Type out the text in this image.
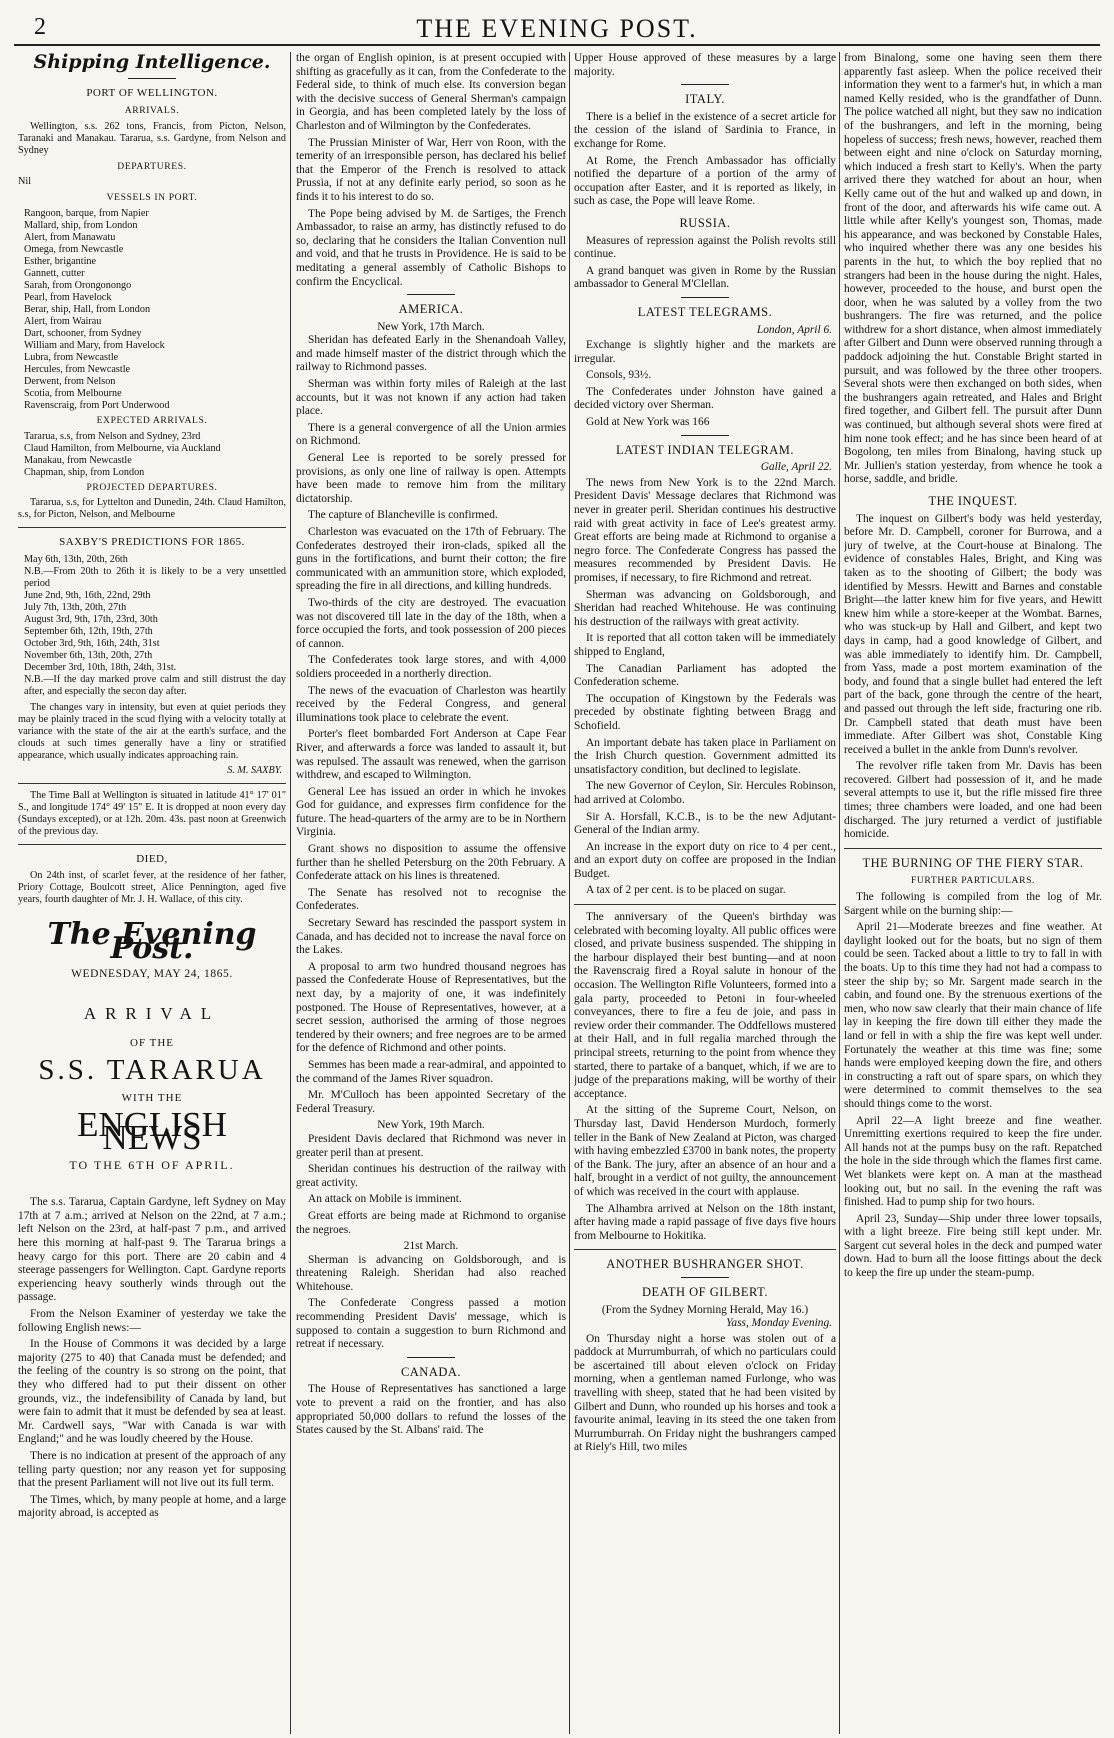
2	THE EVENING POST.
Shipping Intelligence.
PORT OF WELLINGTON.
ARRIVALS.

Wellington, s.s. 262 tons, Francis, from Picton, Nelson, Taranaki and Manakau. Tararua, s.s. Gardyne, from Nelson and Sydney

DEPARTURES.

Nil

VESSELS IN PORT.
Rangoon, barque, from Napier
Mallard, ship, from London
Alert, from Manawatu
Omega, from Newcastle
Esther, brigantine
Gannett, cutter
Sarah, from Orongonongo
Pearl, from Havelock
Berar, ship, Hall, from London
Alert, from Wairau
Dart, schooner, from Sydney
William and Mary, from Havelock
Lubra, from Newcastle
Hercules, from Newcastle
Derwent, from Nelson
Scotia, from Melbourne
Ravenscraig, from Port Underwood
EXPECTED ARRIVALS.
Tararua, s.s, from Nelson and Sydney, 23rd
Claud Hamilton, from Melbourne, via Auckland
Manakau, from Newcastle
Chapman, ship, from London
PROJECTED DEPARTURES.

Tararua, s.s, for Lyttelton and Dunedin, 24th. Claud Hamilton, s.s, for Picton, Nelson, and Melbourne

SAXBY'S PREDICTIONS FOR 1865.
May 6th, 13th, 20th, 26th
N.B.—From 20th to 26th it is likely to be a very unsettled period
June 2nd, 9th, 16th, 22nd, 29th
July 7th, 13th, 20th, 27th
August 3rd, 9th, 17th, 23rd, 30th
September 6th, 12th, 19th, 27th
October 3rd, 9th, 16th, 24th, 31st
November 6th, 13th, 20th, 27th
December 3rd, 10th, 18th, 24th, 31st.
N.B.—If the day marked prove calm and still distrust the day after, and especially the secon day after.

The changes vary in intensity, but even at quiet periods they may be plainly traced in the scud flying with a velocity totally at variance with the state of the air at the earth's surface, and the clouds at such times generally have a liny or stratified appearance, which usually indicates approaching rain.

S. M. SAXBY.

The Time Ball at Wellington is situated in latitude 41° 17' 01" S., and longitude 174° 49' 15" E. It is dropped at noon every day (Sundays excepted), or at 12h. 20m. 43s. past noon at Greenwich of the previous day.

DIED,

On 24th inst, of scarlet fever, at the residence of her father, Priory Cottage, Boulcott street, Alice Pennington, aged five years, fourth daughter of Mr. J. H. Wallace, of this city.

The Evening Post.
WEDNESDAY, MAY 24, 1865.
ARRIVAL
OF THE
S.S. TARARUA
WITH THE
ENGLISH NEWS
TO THE 6TH OF APRIL.

The s.s. Tararua, Captain Gardyne, left Sydney on May 17th at 7 a.m.; arrived at Nelson on the 22nd, at 7 a.m.; left Nelson on the 23rd, at half-past 7 p.m., and arrived here this morning at half-past 9. The Tararua brings a heavy cargo for this port. There are 20 cabin and 4 steerage passengers for Wellington. Capt. Gardyne reports experiencing heavy southerly winds through out the passage.

From the Nelson Examiner of yesterday we take the following English news:—

In the House of Commons it was decided by a large majority (275 to 40) that Canada must be defended; and the feeling of the country is so strong on the point, that they who differed had to put their dissent on other grounds, viz., the indefensibility of Canada by land, but were fain to admit that it must be defended by sea at least. Mr. Cardwell says, "War with Canada is war with England;" and he was loudly cheered by the House.

There is no indication at present of the approach of any telling party question; nor any reason yet for supposing that the present Parliament will not live out its full term.

The Times, which, by many people at home, and a large majority abroad, is accepted as

the organ of English opinion, is at present occupied with shifting as gracefully as it can, from the Confederate to the Federal side, to think of much else. Its conversion began with the decisive success of General Sherman's campaign in Georgia, and has been completed lately by the loss of Charleston and of Wilmington by the Confederates.

The Prussian Minister of War, Herr von Roon, with the temerity of an irresponsible person, has declared his belief that the Emperor of the French is resolved to attack Prussia, if not at any definite early period, so soon as he finds it to his interest to do so.

The Pope being advised by M. de Sartiges, the French Ambassador, to raise an army, has distinctly refused to do so, declaring that he considers the Italian Convention null and void, and that he trusts in Providence. He is said to be meditating a general assembly of Catholic Bishops to confirm the Encyclical.

AMERICA.
New York, 17th March.

Sheridan has defeated Early in the Shenandoah Valley, and made himself master of the district through which the railway to Richmond passes.

Sherman was within forty miles of Raleigh at the last accounts, but it was not known if any action had taken place.

There is a general convergence of all the Union armies on Richmond.

General Lee is reported to be sorely pressed for provisions, as only one line of railway is open. Attempts have been made to remove him from the military dictatorship.

The capture of Blancheville is confirmed.

Charleston was evacuated on the 17th of February. The Confederates destroyed their iron-clads, spiked all the guns in the fortifications, and burnt their cotton; the fire communicated with an ammunition store, which exploded, spreading the fire in all directions, and killing hundreds.

Two-thirds of the city are destroyed. The evacuation was not discovered till late in the day of the 18th, when a force occupied the forts, and took possession of 200 pieces of cannon.

The Confederates took large stores, and with 4,000 soldiers proceeded in a northerly direction.

The news of the evacuation of Charleston was heartily received by the Federal Congress, and general illuminations took place to celebrate the event.

Porter's fleet bombarded Fort Anderson at Cape Fear River, and afterwards a force was landed to assault it, but was repulsed. The assault was renewed, when the garrison withdrew, and escaped to Wilmington.

General Lee has issued an order in which he invokes God for guidance, and expresses firm confidence for the future. The head-quarters of the army are to be in Northern Virginia.

Grant shows no disposition to assume the offensive further than he shelled Petersburg on the 20th February. A Confederate attack on his lines is threatened.

The Senate has resolved not to recognise the Confederates.

Secretary Seward has rescinded the passport system in Canada, and has decided not to increase the naval force on the Lakes.

A proposal to arm two hundred thousand negroes has passed the Confederate House of Representatives, but the next day, by a majority of one, it was indefinitely postponed. The House of Representatives, however, at a secret session, authorised the arming of those negroes tendered by their owners; and free negroes are to be armed for the defence of Richmond and other points.

Semmes has been made a rear-admiral, and appointed to the command of the James River squadron.

Mr. M'Culloch has been appointed Secretary of the Federal Treasury.

New York, 19th March.

President Davis declared that Richmond was never in greater peril than at present.

Sheridan continues his destruction of the railway with great activity.

An attack on Mobile is imminent.

Great efforts are being made at Richmond to organise the negroes.

21st March.

Sherman is advancing on Goldsborough, and is threatening Raleigh. Sheridan had also reached Whitehouse.

The Confederate Congress passed a motion recommending President Davis' message, which is supposed to contain a suggestion to burn Richmond and retreat if necessary.

CANADA.

The House of Representatives has sanctioned a large vote to prevent a raid on the frontier, and has also appropriated 50,000 dollars to refund the losses of the States caused by the St. Albans' raid. The

Upper House approved of these measures by a large majority.

ITALY.

There is a belief in the existence of a secret article for the cession of the island of Sardinia to France, in exchange for Rome.

At Rome, the French Ambassador has officially notified the departure of a portion of the army of occupation after Easter, and it is reported as likely, in such as case, the Pope will leave Rome.

RUSSIA.

Measures of repression against the Polish revolts still continue.

A grand banquet was given in Rome by the Russian ambassador to General M'Clellan.

LATEST TELEGRAMS.
London, April 6.

Exchange is slightly higher and the markets are irregular.

Consols, 93½.

The Confederates under Johnston have gained a decided victory over Sherman.

Gold at New York was 166

LATEST INDIAN TELEGRAM.
Galle, April 22.

The news from New York is to the 22nd March. President Davis' Message declares that Richmond was never in greater peril. Sheridan continues his destructive raid with great activity in face of Lee's greatest army. Great efforts are being made at Richmond to organise a negro force. The Confederate Congress has passed the measures recommended by President Davis. He promises, if necessary, to fire Richmond and retreat.

Sherman was advancing on Goldsborough, and Sheridan had reached Whitehouse. He was continuing his destruction of the railways with great activity.

It is reported that all cotton taken will be immediately shipped to England,

The Canadian Parliament has adopted the Confederation scheme.

The occupation of Kingstown by the Federals was preceded by obstinate fighting between Bragg and Schofield.

An important debate has taken place in Parliament on the Irish Church question. Government admitted its unsatisfactory condition, but declined to legislate.

The new Governor of Ceylon, Sir. Hercules Robinson, had arrived at Colombo.

Sir A. Horsfall, K.C.B., is to be the new Adjutant-General of the Indian army.

An increase in the export duty on rice to 4 per cent., and an export duty on coffee are proposed in the Indian Budget.

A tax of 2 per cent. is to be placed on sugar.

The anniversary of the Queen's birthday was celebrated with becoming loyalty. All public offices were closed, and private business suspended. The shipping in the harbour displayed their best bunting—and at noon the Ravenscraig fired a Royal salute in honour of the occasion. The Wellington Rifle Volunteers, formed into a gala party, proceeded to Petoni in four-wheeled conveyances, there to fire a feu de joie, and pass in review order their commander. The Oddfellows mustered at their Hall, and in full regalia marched through the principal streets, returning to the point from whence they started, there to partake of a banquet, which, if we are to judge of the preparations making, will be worthy of their acceptance.

At the sitting of the Supreme Court, Nelson, on Thursday last, David Henderson Murdoch, formerly teller in the Bank of New Zealand at Picton, was charged with having embezzled £3700 in bank notes, the property of the Bank. The jury, after an absence of an hour and a half, brought in a verdict of not guilty, the announcement of which was received in the court with applause.

The Alhambra arrived at Nelson on the 18th instant, after having made a rapid passage of five days five hours from Melbourne to Hokitika.

ANOTHER BUSHRANGER SHOT.
DEATH OF GILBERT.
(From the Sydney Morning Herald, May 16.)
Yass, Monday Evening.

On Thursday night a horse was stolen out of a paddock at Murrumburrah, of which no particulars could be ascertained till about eleven o'clock on Friday morning, when a gentleman named Furlonge, who was travelling with sheep, stated that he had been visited by Gilbert and Dunn, who rounded up his horses and took a favourite animal, leaving in its steed the one taken from Murrumburrah. On Friday night the bushrangers camped at Riely's Hill, two miles

from Binalong, some one having seen them there apparently fast asleep. When the police received their information they went to a farmer's hut, in which a man named Kelly resided, who is the grandfather of Dunn. The police watched all night, but they saw no indication of the bushrangers, and left in the morning, being hopeless of success; fresh news, however, reached them between eight and nine o'clock on Saturday morning, which induced a fresh start to Kelly's. When the party arrived there they watched for about an hour, when Kelly came out of the hut and walked up and down, in front of the door, and afterwards his wife came out. A little while after Kelly's youngest son, Thomas, made his appearance, and was beckoned by Constable Hales, who inquired whether there was any one besides his parents in the hut, to which the boy replied that no strangers had been in the house during the night. Hales, however, proceeded to the house, and burst open the door, when he was saluted by a volley from the two bushrangers. The fire was returned, and the police withdrew for a short distance, when almost immediately after Gilbert and Dunn were observed running through a paddock adjoining the hut. Constable Bright started in pursuit, and was followed by the three other troopers. Several shots were then exchanged on both sides, when the bushrangers again retreated, and Hales and Bright fired together, and Gilbert fell. The pursuit after Dunn was continued, but although several shots were fired at him none took effect; and he has since been heard of at Bogolong, ten miles from Binalong, having stuck up Mr. Jullien's station yesterday, from whence he took a horse, saddle, and bridle.

THE INQUEST.

The inquest on Gilbert's body was held yesterday, before Mr. D. Campbell, coroner for Burrowa, and a jury of twelve, at the Court-house at Binalong. The evidence of constables Hales, Bright, and King was taken as to the shooting of Gilbert; the body was identified by Messrs. Hewitt and Barnes and constable Bright—the latter knew him for five years, and Hewitt knew him while a store-keeper at the Wombat. Barnes, who was stuck-up by Hall and Gilbert, and kept two days in camp, had a good knowledge of Gilbert, and was able immediately to identify him. Dr. Campbell, from Yass, made a post mortem examination of the body, and found that a single bullet had entered the left part of the back, gone through the centre of the heart, and passed out through the left side, fracturing one rib. Dr. Campbell stated that death must have been immediate. After Gilbert was shot, Constable King received a bullet in the ankle from Dunn's revolver.

The revolver rifle taken from Mr. Davis has been recovered. Gilbert had possession of it, and he made several attempts to use it, but the rifle missed fire three times; three chambers were loaded, and one had been discharged. The jury returned a verdict of justifiable homicide.

THE BURNING OF THE FIERY STAR.
FURTHER PARTICULARS.

The following is compiled from the log of Mr. Sargent while on the burning ship:—

April 21—Moderate breezes and fine weather. At daylight looked out for the boats, but no sign of them could be seen. Tacked about a little to try to fall in with the boats. Up to this time they had not had a compass to steer the ship by; so Mr. Sargent made search in the cabin, and found one. By the strenuous exertions of the men, who now saw clearly that their main chance of life lay in keeping the fire down till either they made the land or fell in with a ship the fire was kept well under. Fortunately the weather at this time was fine; some hands were employed keeping down the fire, and others in constructing a raft out of spare spars, on which they were determined to commit themselves to the sea should things come to the worst.

April 22—A light breeze and fine weather. Unremitting exertions required to keep the fire under. All hands not at the pumps busy on the raft. Repatched the hole in the side through which the flames first came. Wet blankets were kept on. A man at the masthead looking out, but no sail. In the evening the raft was finished. Had to pump ship for two hours.

April 23, Sunday—Ship under three lower topsails, with a light breeze. Fire being still kept under. Mr. Sargent cut several holes in the deck and pumped water down. Had to burn all the loose fittings about the deck to keep the fire up under the steam-pump.
